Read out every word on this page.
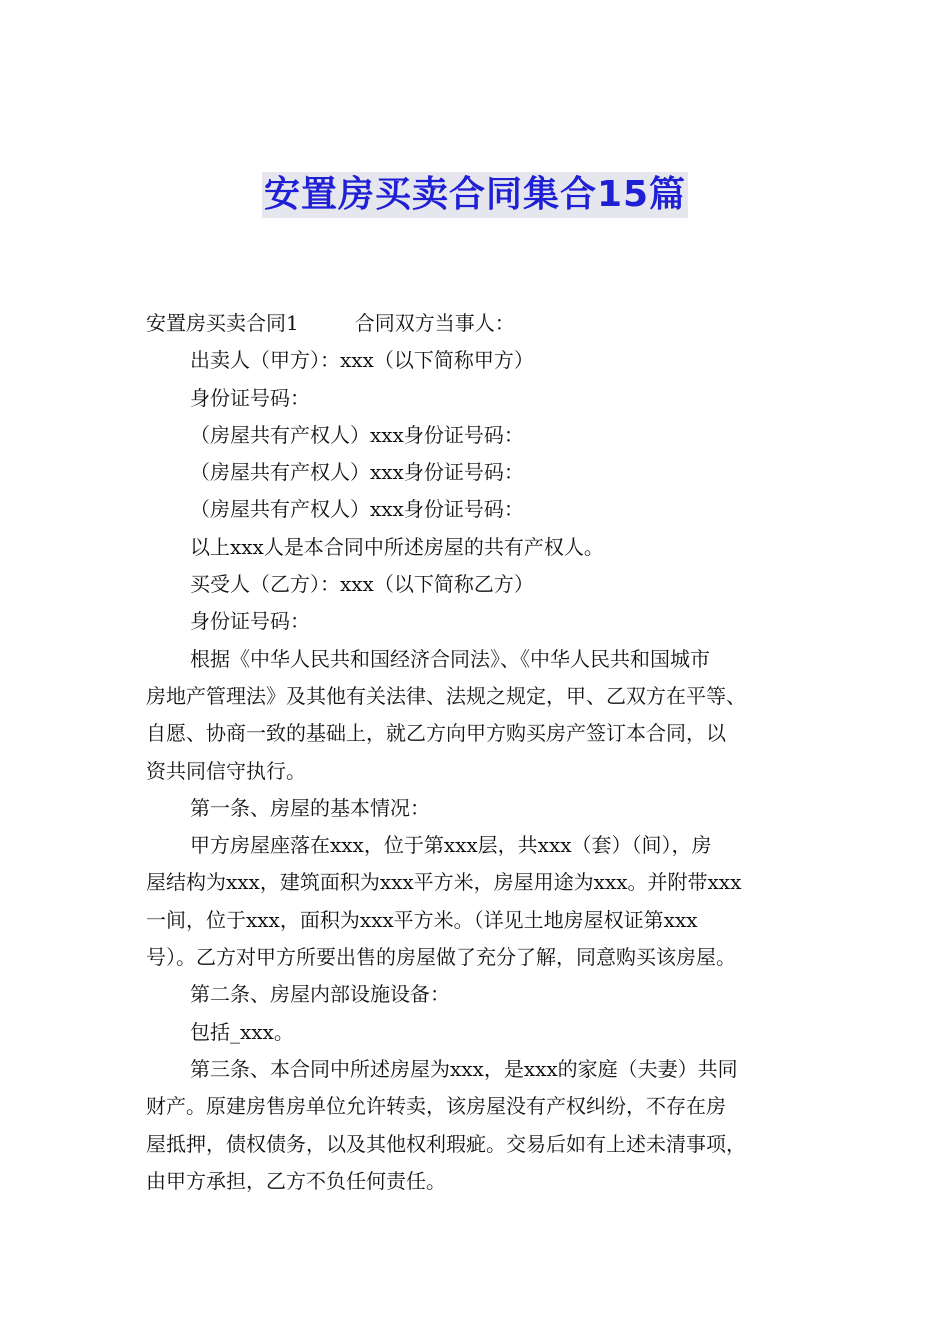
安置房买卖合同集合15篇
安置房买卖合同1	合同双方当事人：
出卖人（甲方）：xxx（以下简称甲方）
身份证号码：
（房屋共有产权人）xxx身份证号码：
（房屋共有产权人）xxx身份证号码：
（房屋共有产权人）xxx身份证号码：
以上xxx人是本合同中所述房屋的共有产权人。
买受人（乙方）：xxx（以下简称乙方）
身份证号码：
根据《中华人民共和国经济合同法》、《中华人民共和国城市
房地产管理法》及其他有关法律、法规之规定，甲、乙双方在平等、
自愿、协商一致的基础上，就乙方向甲方购买房产签订本合同，以
资共同信守执行。
第一条、房屋的基本情况：
甲方房屋座落在xxx，位于第xxx层，共xxx（套）（间），房
屋结构为xxx，建筑面积为xxx平方米，房屋用途为xxx。并附带xxx
一间，位于xxx，面积为xxx平方米。（详见土地房屋权证第xxx
号）。乙方对甲方所要出售的房屋做了充分了解，同意购买该房屋。
第二条、房屋内部设施设备：
包括_xxx。
第三条、本合同中所述房屋为xxx，是xxx的家庭（夫妻）共同
财产。原建房售房单位允许转卖，该房屋没有产权纠纷，不存在房
屋抵押，债权债务，以及其他权利瑕疵。交易后如有上述未清事项，
由甲方承担，乙方不负任何责任。
